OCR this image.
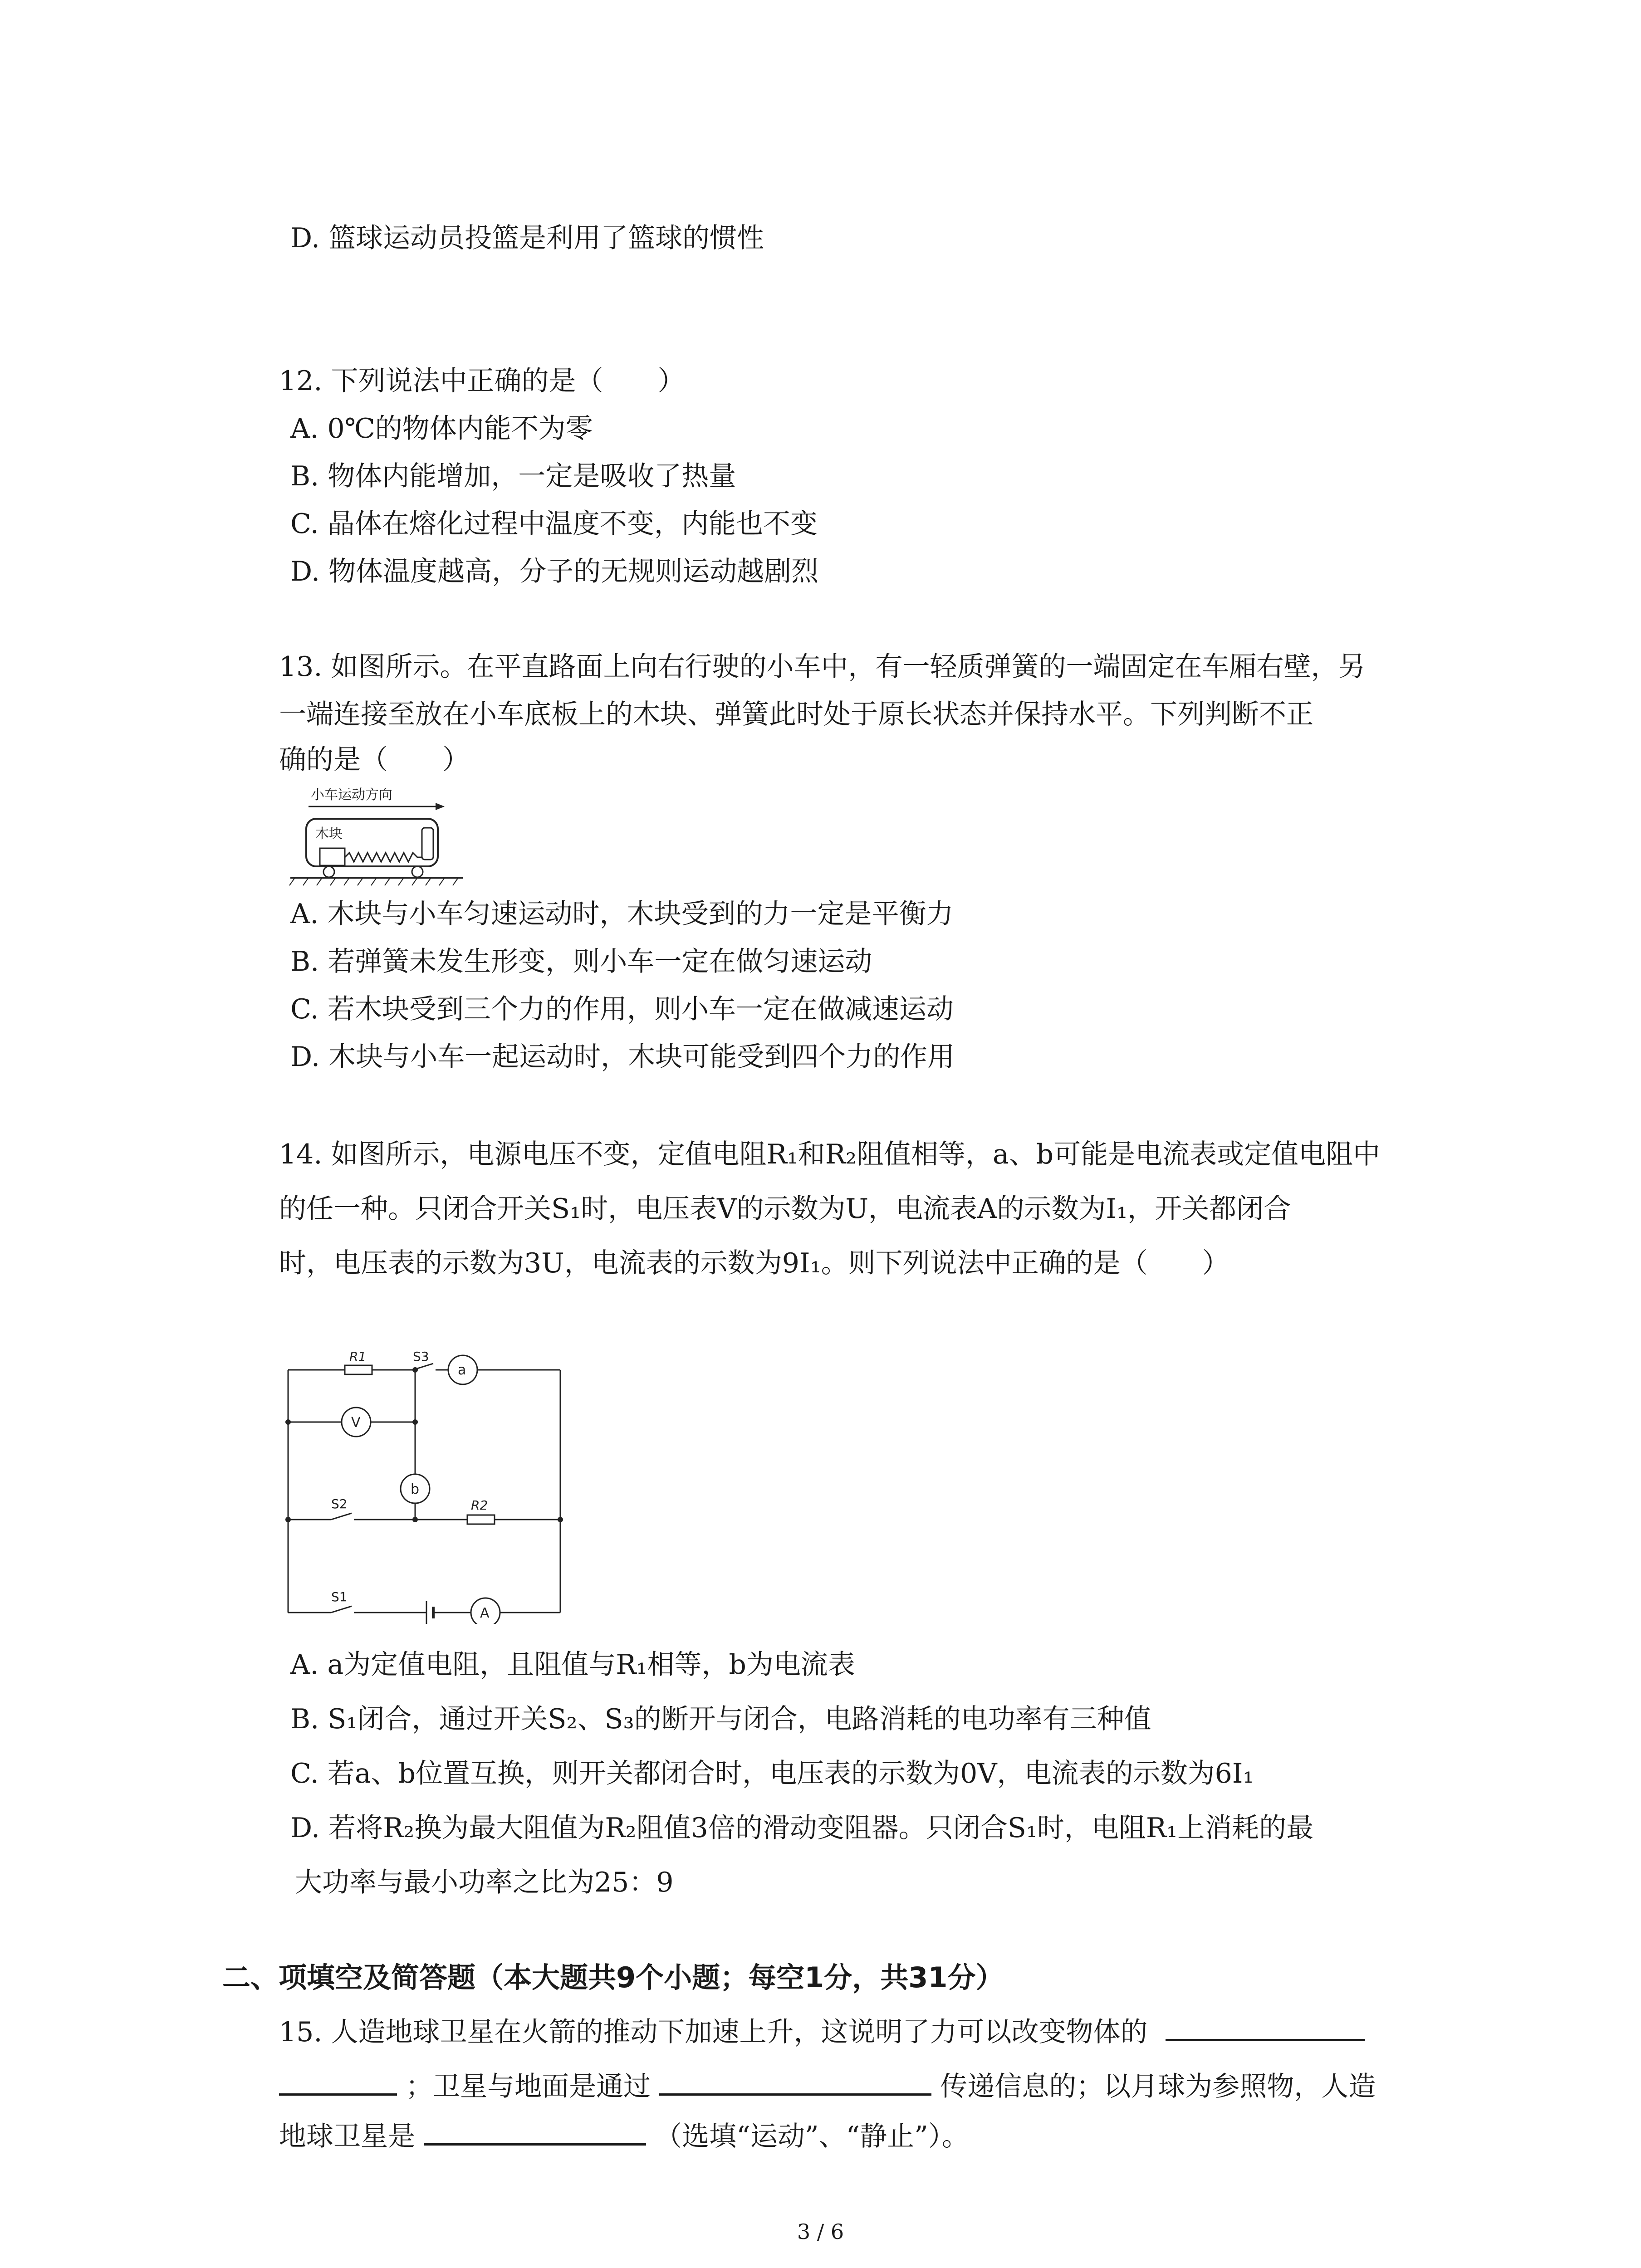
D. 篮球运动员投篮是利用了篮球的惯性
12. 下列说法中正确的是（　　）
A. 0℃的物体内能不为零
B. 物体内能增加，一定是吸收了热量
C. 晶体在熔化过程中温度不变，内能也不变
D. 物体温度越高，分子的无规则运动越剧烈
13. 如图所示。在平直路面上向右行驶的小车中，有一轻质弹簧的一端固定在车厢右壁，另
一端连接至放在小车底板上的木块、弹簧此时处于原长状态并保持水平。下列判断不正
确的是（　　）
小车运动方向
木块
A. 木块与小车匀速运动时，木块受到的力一定是平衡力
B. 若弹簧未发生形变，则小车一定在做匀速运动
C. 若木块受到三个力的作用，则小车一定在做减速运动
D. 木块与小车一起运动时，木块可能受到四个力的作用
14. 如图所示，电源电压不变，定值电阻R₁和R₂阻值相等，a、b可能是电流表或定值电阻中
的任一种。只闭合开关S₁时，电压表V的示数为U，电流表A的示数为I₁，开关都闭合
时，电压表的示数为3U，电流表的示数为9I₁。则下列说法中正确的是（　　）
R1	S3
a
V
b
S2	R2
S1
A
A. a为定值电阻，且阻值与R₁相等，b为电流表
B. S₁闭合，通过开关S₂、S₃的断开与闭合，电路消耗的电功率有三种值
C. 若a、b位置互换，则开关都闭合时，电压表的示数为0V，电流表的示数为6I₁
D. 若将R₂换为最大阻值为R₂阻值3倍的滑动变阻器。只闭合S₁时，电阻R₁上消耗的最
大功率与最小功率之比为25：9
二、项填空及简答题（本大题共9个小题；每空1分，共31分）
15. 人造地球卫星在火箭的推动下加速上升，这说明了力可以改变物体的
；卫星与地面是通过	传递信息的；以月球为参照物，人造
地球卫星是	（选填“运动”、“静止”）。
3 / 6
